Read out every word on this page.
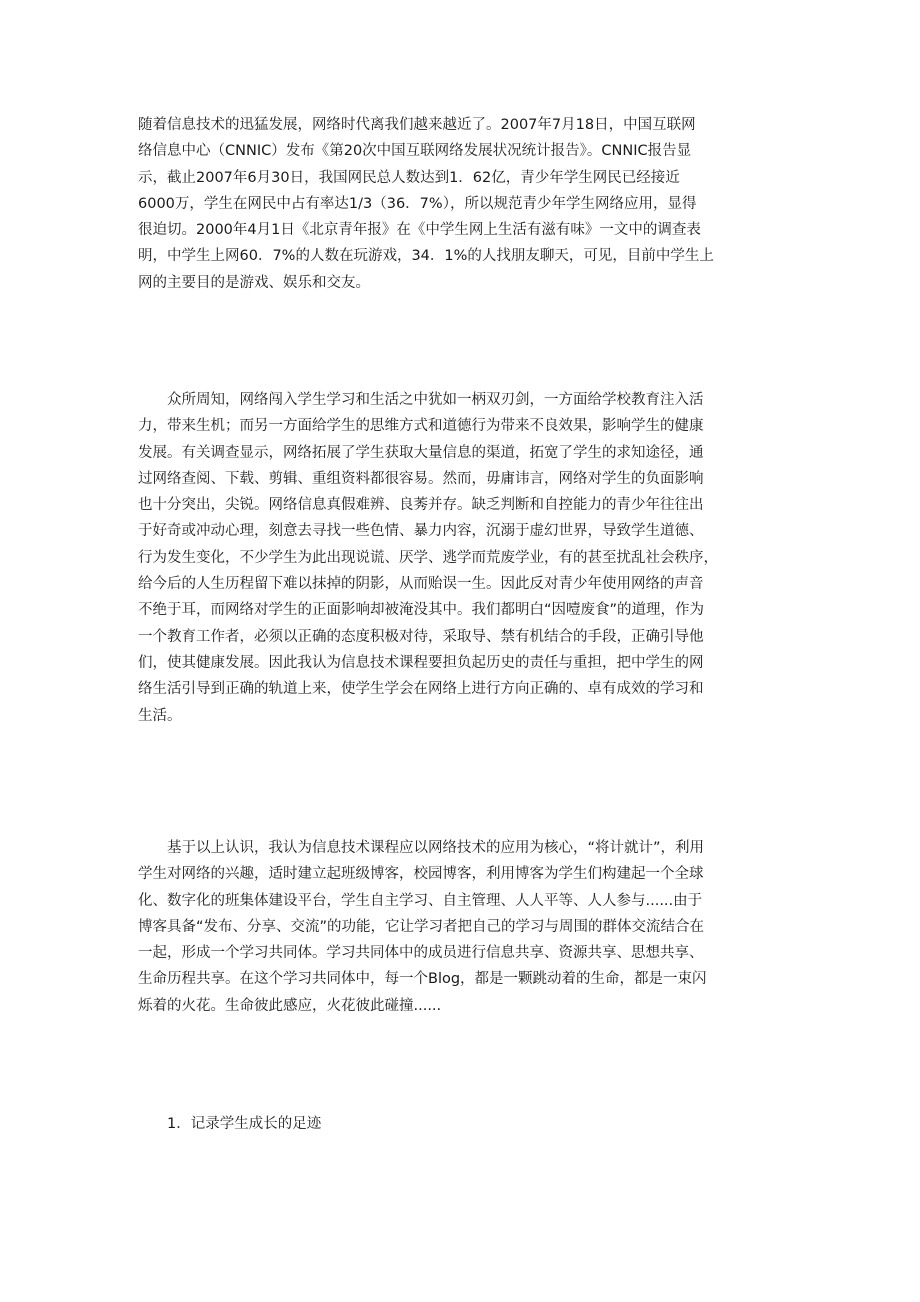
随着信息技术的迅猛发展，网络时代离我们越来越近了。2007年7月18日，中国互联网
络信息中心（CNNIC）发布《第20次中国互联网络发展状况统计报告》。CNNIC报告显
示，截止2007年6月30日，我国网民总人数达到1．62亿，青少年学生网民已经接近
6000万，学生在网民中占有率达1/3（36．7%），所以规范青少年学生网络应用，显得
很迫切。2000年4月1日《北京青年报》在《中学生网上生活有滋有味》一文中的调查表
明，中学生上网60．7%的人数在玩游戏，34．1%的人找朋友聊天，可见，目前中学生上
网的主要目的是游戏、娱乐和交友。

　　众所周知，网络闯入学生学习和生活之中犹如一柄双刃剑，一方面给学校教育注入活
力，带来生机；而另一方面给学生的思维方式和道德行为带来不良效果，影响学生的健康
发展。有关调查显示，网络拓展了学生获取大量信息的渠道，拓宽了学生的求知途径，通
过网络查阅、下载、剪辑、重组资料都很容易。然而，毋庸讳言，网络对学生的负面影响
也十分突出，尖锐。网络信息真假难辨、良莠并存。缺乏判断和自控能力的青少年往往出
于好奇或冲动心理，刻意去寻找一些色情、暴力内容，沉溺于虚幻世界，导致学生道德、
行为发生变化，不少学生为此出现说谎、厌学、逃学而荒废学业，有的甚至扰乱社会秩序，
给今后的人生历程留下难以抹掉的阴影，从而贻误一生。因此反对青少年使用网络的声音
不绝于耳，而网络对学生的正面影响却被淹没其中。我们都明白“因噎废食”的道理，作为
一个教育工作者，必须以正确的态度积极对待，采取导、禁有机结合的手段，正确引导他
们，使其健康发展。因此我认为信息技术课程要担负起历史的责任与重担，把中学生的网
络生活引导到正确的轨道上来，使学生学会在网络上进行方向正确的、卓有成效的学习和
生活。

　　基于以上认识，我认为信息技术课程应以网络技术的应用为核心，“将计就计”，利用
学生对网络的兴趣，适时建立起班级博客，校园博客，利用博客为学生们构建起一个全球
化、数字化的班集体建设平台，学生自主学习、自主管理、人人平等、人人参与......由于
博客具备“发布、分享、交流”的功能，它让学习者把自己的学习与周围的群体交流结合在
一起，形成一个学习共同体。学习共同体中的成员进行信息共享、资源共享、思想共享、
生命历程共享。在这个学习共同体中，每一个Blog，都是一颗跳动着的生命，都是一束闪
烁着的火花。生命彼此感应，火花彼此碰撞......

　　1．记录学生成长的足迹
